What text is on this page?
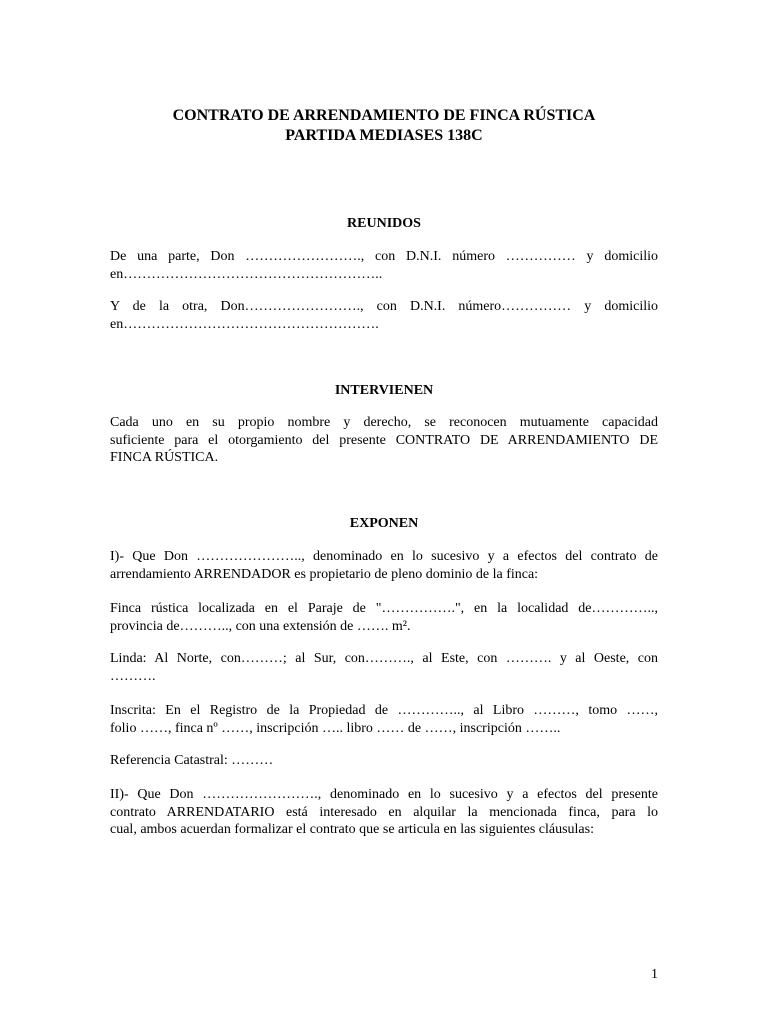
CONTRATO DE ARRENDAMIENTO DE FINCA RÚSTICA
PARTIDA MEDIASES 138C
REUNIDOS

De una parte, Don ……………………., con D.N.I. número …………… y domicilio
en………………………………………………..

Y de la otra, Don……………………., con D.N.I. número…………… y domicilio
en……………………………………………….

INTERVIENEN

Cada uno en su propio nombre y derecho, se reconocen mutuamente capacidad
suficiente para el otorgamiento del presente CONTRATO DE ARRENDAMIENTO DE
FINCA RÚSTICA.

EXPONEN

I)- Que Don ………………….., denominado en lo sucesivo y a efectos del contrato de
arrendamiento ARRENDADOR es propietario de pleno dominio de la finca:

Finca rústica localizada en el Paraje de "…………….", en la localidad de…………..,
provincia de……….., con una extensión de ……. m².

Linda: Al Norte, con………; al Sur, con………., al Este, con ………. y al Oeste, con
……….

Inscrita: En el Registro de la Propiedad de ………….., al Libro ………, tomo ……,
folio ……, finca nº ……, inscripción ….. libro …… de ……, inscripción ……..

Referencia Catastral: ………

II)- Que Don ……………………., denominado en lo sucesivo y a efectos del presente
contrato ARRENDATARIO está interesado en alquilar la mencionada finca, para lo
cual, ambos acuerdan formalizar el contrato que se articula en las siguientes cláusulas:

1
